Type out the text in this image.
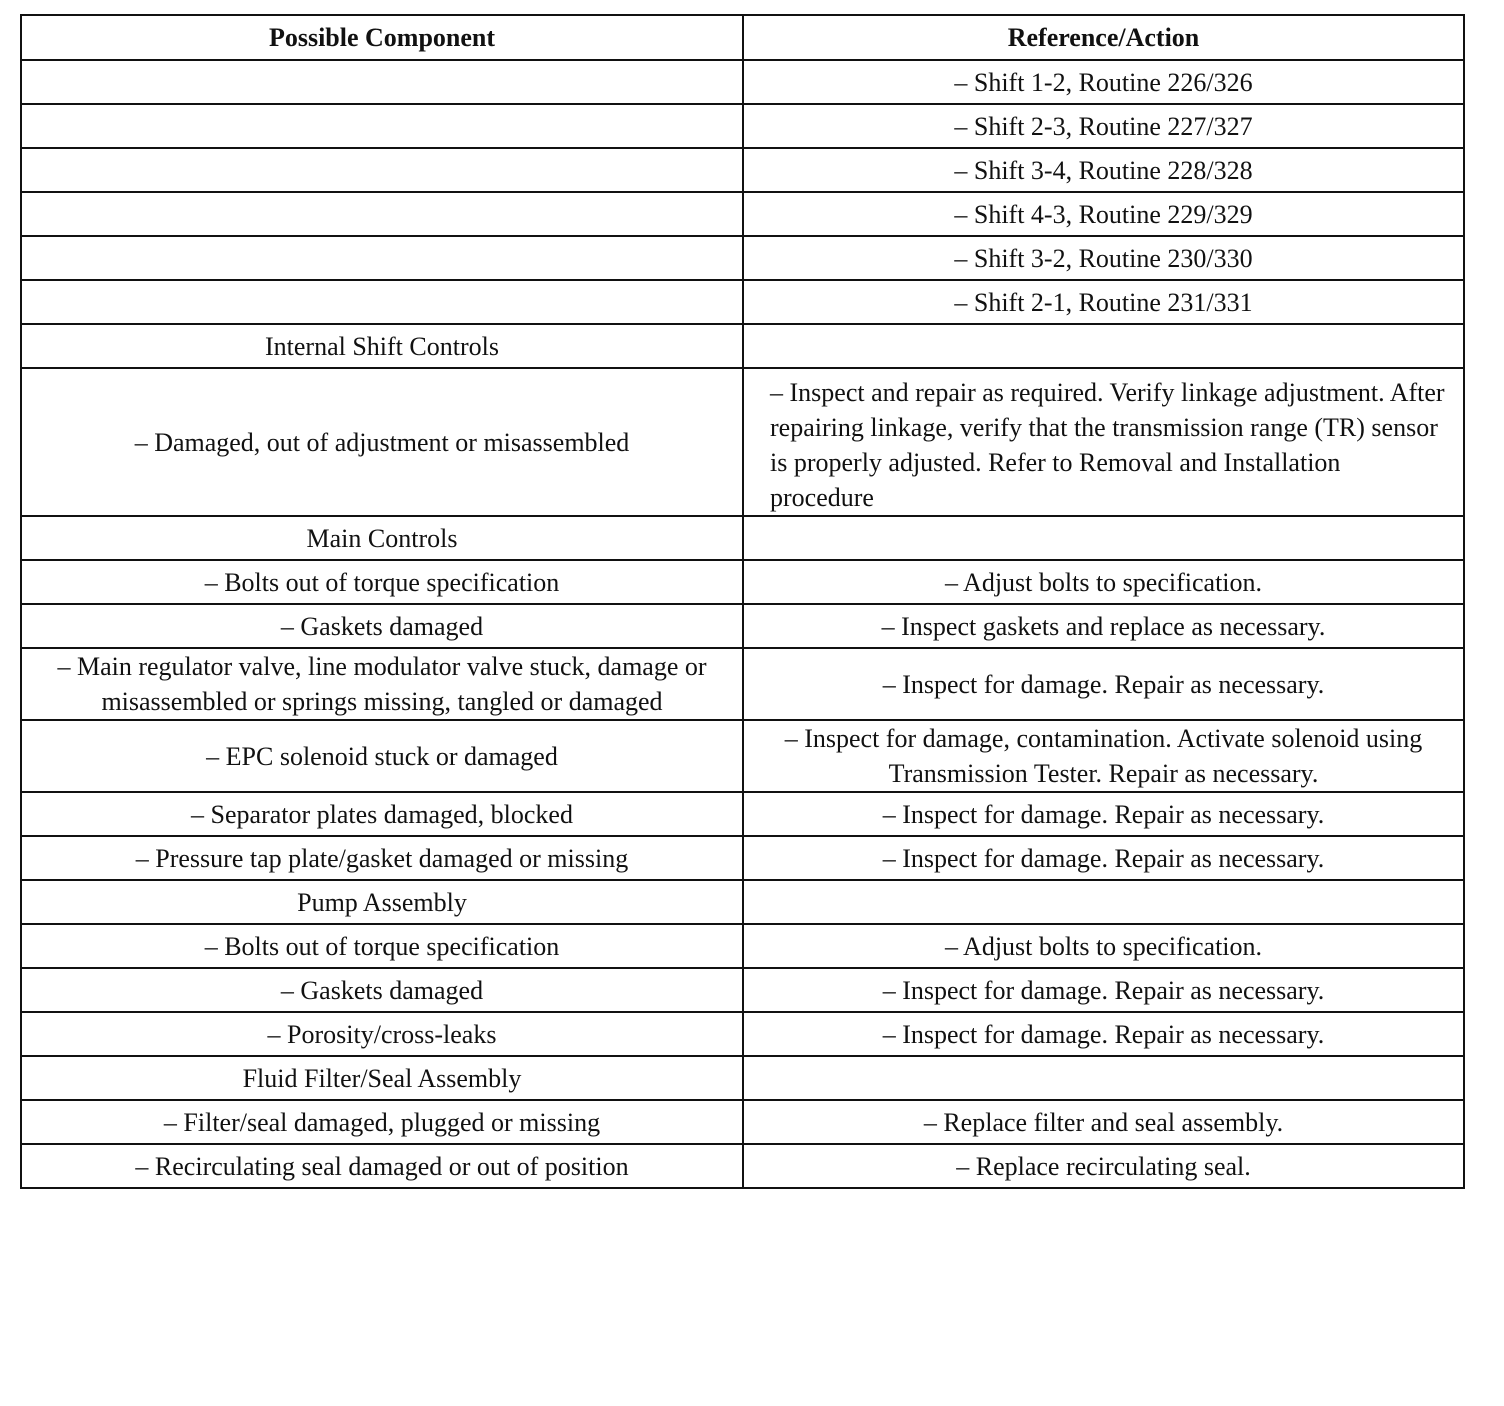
Possible Component	Reference/Action
	– Shift 1-2, Routine 226/326
	– Shift 2-3, Routine 227/327
	– Shift 3-4, Routine 228/328
	– Shift 4-3, Routine 229/329
	– Shift 3-2, Routine 230/330
	– Shift 2-1, Routine 231/331
Internal Shift Controls	
– Damaged, out of adjustment or misassembled	– Inspect and repair as required. Verify linkage adjustment. After repairing linkage, verify that the transmission range (TR) sensor is properly adjusted. Refer to Removal and Installation procedure
Main Controls	
– Bolts out of torque specification	– Adjust bolts to specification.
– Gaskets damaged	– Inspect gaskets and replace as necessary.
– Main regulator valve, line modulator valve stuck, damage or misassembled or springs missing, tangled or damaged	– Inspect for damage. Repair as necessary.
– EPC solenoid stuck or damaged	– Inspect for damage, contamination. Activate solenoid using Transmission Tester. Repair as necessary.
– Separator plates damaged, blocked	– Inspect for damage. Repair as necessary.
– Pressure tap plate/gasket damaged or missing	– Inspect for damage. Repair as necessary.
Pump Assembly	
– Bolts out of torque specification	– Adjust bolts to specification.
– Gaskets damaged	– Inspect for damage. Repair as necessary.
– Porosity/cross-leaks	– Inspect for damage. Repair as necessary.
Fluid Filter/Seal Assembly	
– Filter/seal damaged, plugged or missing	– Replace filter and seal assembly.
– Recirculating seal damaged or out of position	– Replace recirculating seal.
